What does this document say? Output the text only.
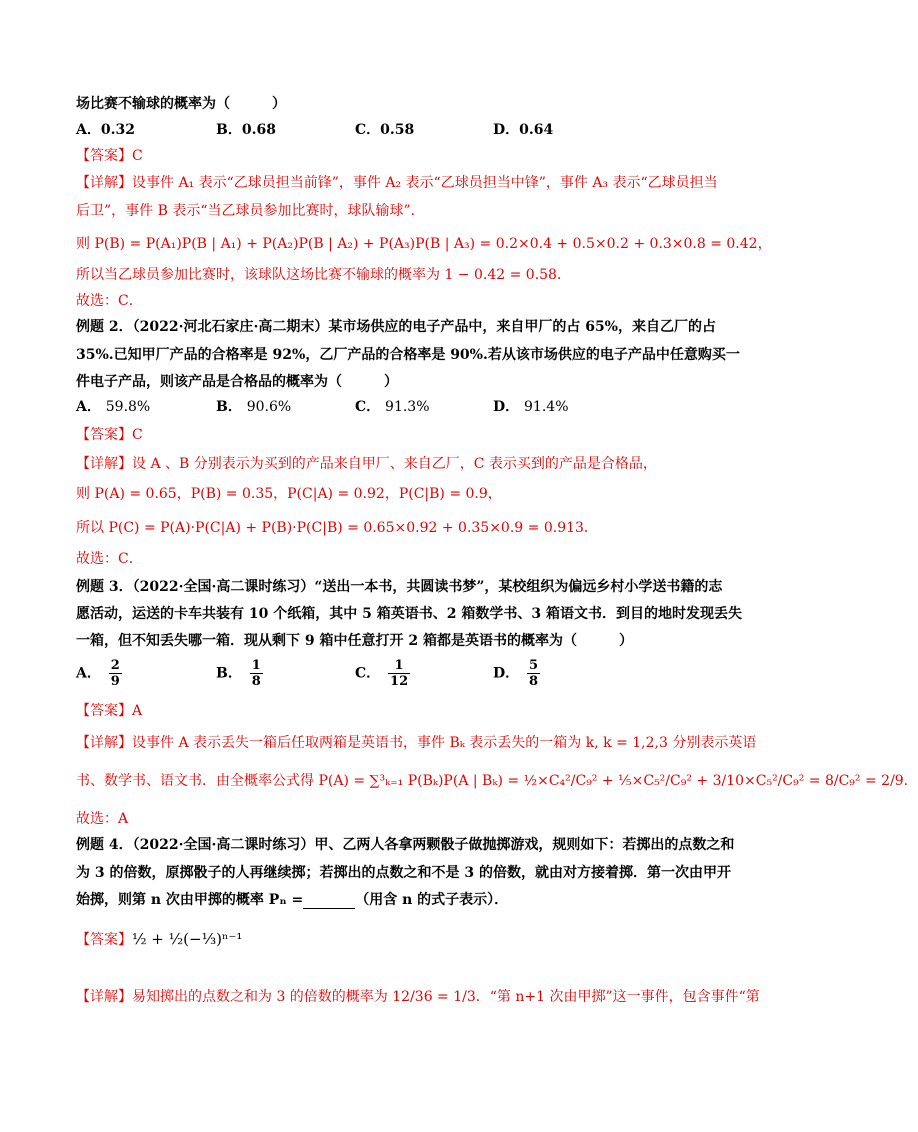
场比赛不输球的概率为（　　　）
A．0.32	B．0.68	C．0.58	D．0.64
【答案】C
【详解】设事件 A₁ 表示“乙球员担当前锋”，事件 A₂ 表示“乙球员担当中锋”，事件 A₃ 表示“乙球员担当
后卫”，事件 B 表示“当乙球员参加比赛时，球队输球”．
则 P(B) = P(A₁)P(B | A₁) + P(A₂)P(B | A₂) + P(A₃)P(B | A₃) = 0.2×0.4 + 0.5×0.2 + 0.3×0.8 = 0.42，
所以当乙球员参加比赛时，该球队这场比赛不输球的概率为 1 − 0.42 = 0.58．
故选：C．
例题 2．（2022·河北石家庄·高二期末）某市场供应的电子产品中，来自甲厂的占 65%，来自乙厂的占
35%.已知甲厂产品的合格率是 92%，乙厂产品的合格率是 90%.若从该市场供应的电子产品中任意购买一
件电子产品，则该产品是合格品的概率为（　　　）
A． 59.8%	B． 90.6%	C． 91.3%	D． 91.4%
【答案】C
【详解】设 A 、B 分别表示为买到的产品来自甲厂、来自乙厂，C 表示买到的产品是合格品，
则 P(A) = 0.65，P(B) = 0.35，P(C|A) = 0.92，P(C|B) = 0.9，
所以 P(C) = P(A)·P(C|A) + P(B)·P(C|B) = 0.65×0.92 + 0.35×0.9 = 0.913．
故选：C．
例题 3．（2022·全国·高二课时练习）“送出一本书，共圆读书梦”，某校组织为偏远乡村小学送书籍的志
愿活动，运送的卡车共装有 10 个纸箱，其中 5 箱英语书、2 箱数学书、3 箱语文书．到目的地时发现丢失
一箱，但不知丢失哪一箱．现从剩下 9 箱中任意打开 2 箱都是英语书的概率为（　　　）
A． $\frac{2}{9}$	B． $\frac{1}{8}$	C． $\frac{1}{12}$	D． $\frac{5}{8}$
【答案】A
【详解】设事件 A 表示丢失一箱后任取两箱是英语书，事件 Bₖ 表示丢失的一箱为 k, k = 1,2,3 分别表示英语
书、数学书、语文书．由全概率公式得 P(A) = ∑³ₖ₌₁ P(Bₖ)P(A | Bₖ) = ½×C₄²/C₉² + ⅕×C₅²/C₉² + 3/10×C₅²/C₉² = 8/C₉² = 2/9．
故选：A
例题 4．（2022·全国·高二课时练习）甲、乙两人各拿两颗骰子做抛掷游戏，规则如下：若掷出的点数之和
为 3 的倍数，原掷骰子的人再继续掷；若掷出的点数之和不是 3 的倍数，就由对方接着掷．第一次由甲开
始掷，则第 n 次由甲掷的概率 Pₙ =	（用含 n 的式子表示）．
【答案】½ + ½(−⅓)ⁿ⁻¹
【详解】易知掷出的点数之和为 3 的倍数的概率为 12/36 = 1/3．“第 n+1 次由甲掷”这一事件，包含事件“第
